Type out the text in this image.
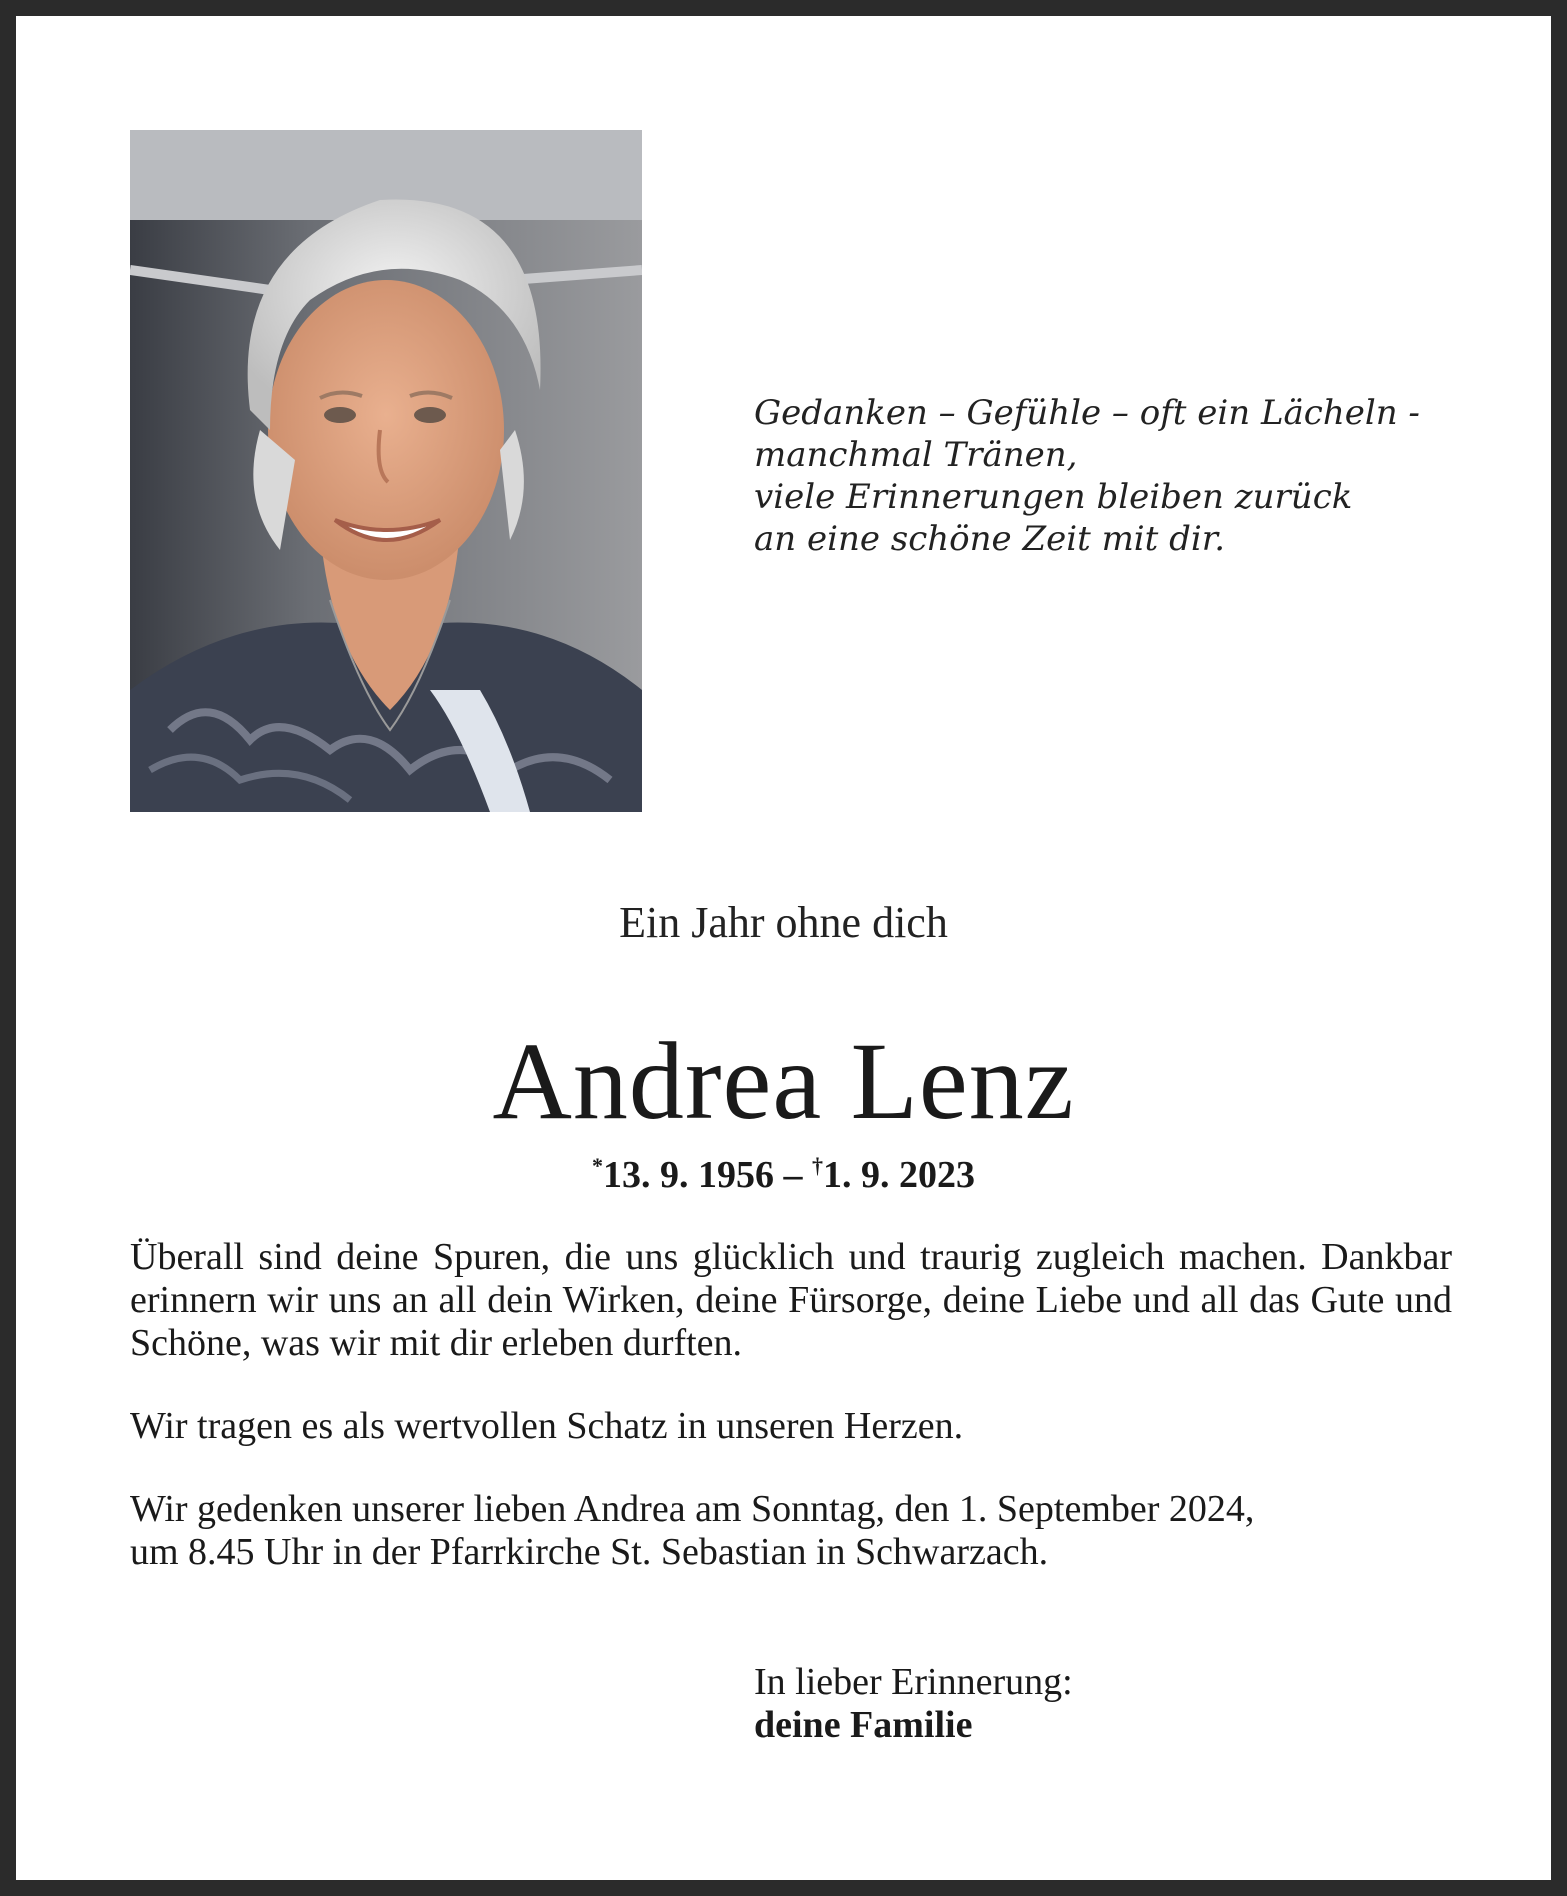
Gedanken – Gefühle – oft ein Lächeln -
manchmal Tränen,
viele Erinnerungen bleiben zurück
an eine schöne Zeit mit dir.
Ein Jahr ohne dich
Andrea Lenz
*13. 9. 1956 – †1. 9. 2023

Überall sind deine Spuren, die uns glücklich und traurig zugleich machen. Dankbar erinnern wir uns an all dein Wirken, deine Fürsorge, deine Liebe und all das Gute und Schöne, was wir mit dir erleben durften.

Wir tragen es als wertvollen Schatz in unseren Herzen.

Wir gedenken unserer lieben Andrea am Sonntag, den 1. September 2024,
um 8.45 Uhr in der Pfarrkirche St. Sebastian in Schwarzach.

In lieber Erinnerung:
deine Familie
